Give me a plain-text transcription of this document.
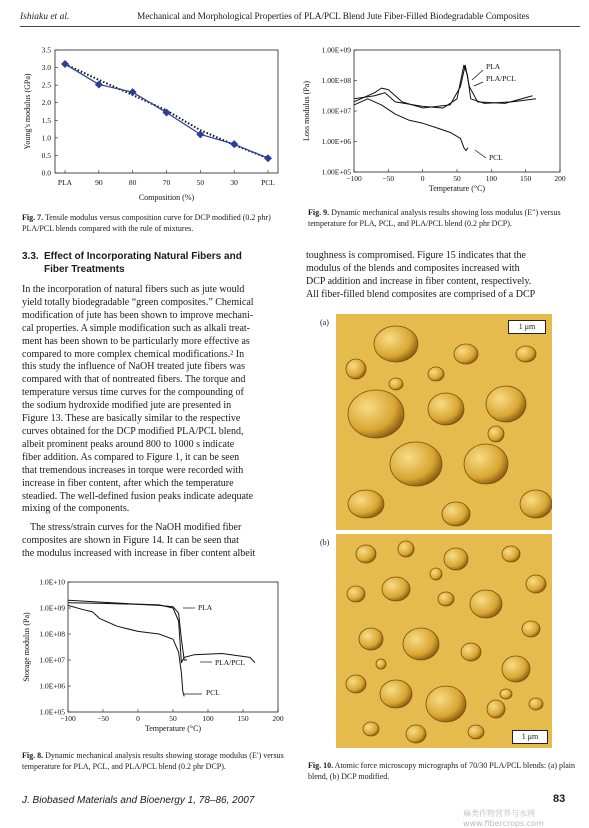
Ishiaku et al.	Mechanical and Morphological Properties of PLA/PCL Blend Jute Fiber-Filled Biodegradable Composites
0.0
0.5
1.0
1.5
2.0
2.5
3.0
3.5
PLA	90	80	70	50	30	PCL
Composition (%)
Young's modulus (GPa)
Fig. 7. Tensile modulus versus composition curve for DCP modified (0.2 phr) PLA/PCL blends compared with the rule of mixtures.
1.00E+05
1.00E+06
1.00E+07
1.00E+08
1.00E+09
−100	−50	0	50	100	150	200
PLA
PLA/PCL
PCL
Temperature (°C)
Loss modulus (Pa)
Fig. 9. Dynamic mechanical analysis results showing loss modulus (E″) versus temperature for PLA, PCL, and PLA/PCL blend (0.2 phr DCP).
3.3. Effect of Incorporating Natural Fibers and
Fiber Treatments
In the incorporation of natural fibers such as jute would
yield totally biodegradable “green composites.” Chemical
modification of jute has been shown to improve mechani-
cal properties. A simple modification such as alkali treat-
ment has been shown to be particularly more effective as
compared to more complex chemical modifications.² In
this study the influence of NaOH treated jute fibers was
compared with that of nontreated fibers. The torque and
temperature versus time curves for the compounding of
the sodium hydroxide modified jute are presented in
Figure 13. These are basically similar to the respective
curves obtained for the DCP modified PLA/PCL blend,
albeit prominent peaks around 800 to 1000 s indicate
fiber addition. As compared to Figure 1, it can be seen
that tremendous increases in torque were recorded with
increase in fiber content, after which the temperature
steadied. The well-defined fusion peaks indicate adequate
mixing of the components.
The stress/strain curves for the NaOH modified fiber
composites are shown in Figure 14. It can be seen that
the modulus increased with increase in fiber content albeit
toughness is compromised. Figure 15 indicates that the
modulus of the blends and composites increased with
DCP addition and increase in fiber content, respectively.
All fiber-filled blend composites are comprised of a DCP
1.0E+05
1.0E+06
1.0E+07
1.0E+08
1.0E+09
1.0E+10
−100	−50	0	50	100	150	200
PLA
PLA/PCL
PCL
Temperature (°C)
Storage modulus (Pa)
Fig. 8. Dynamic mechanical analysis results showing storage modulus (E′) versus temperature for PLA, PCL, and PLA/PCL blend (0.2 phr DCP).
(a)	1 μm
(b)
1 μm
Fig. 10. Atomic force microscopy micrographs of 70/30 PLA/PCL blends: (a) plain blend, (b) DCP modified.
J. Biobased Materials and Bioenergy 1, 78–86, 2007	83
麻类作物营养与水网 www.fibercrops.com
